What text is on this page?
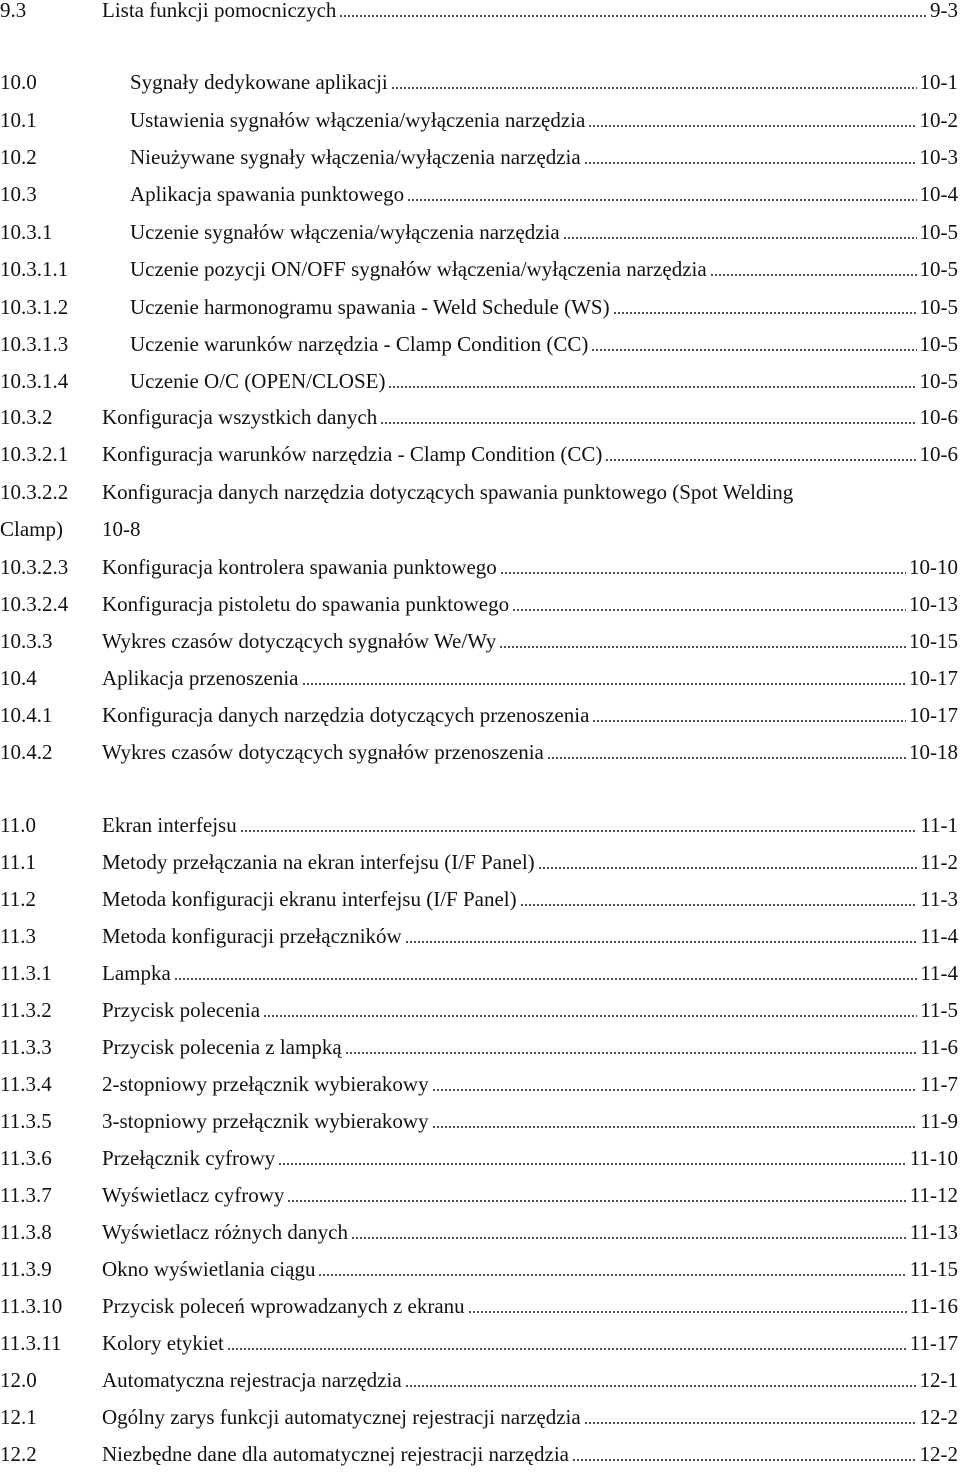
9.3	Lista funkcji pomocniczych	9-3
10.0	Sygnały dedykowane aplikacji	10-1
10.1	Ustawienia sygnałów włączenia/wyłączenia narzędzia	10-2
10.2	Nieużywane sygnały włączenia/wyłączenia narzędzia	10-3
10.3	Aplikacja spawania punktowego	10-4
10.3.1	Uczenie sygnałów włączenia/wyłączenia narzędzia	10-5
10.3.1.1	Uczenie pozycji ON/OFF sygnałów włączenia/wyłączenia narzędzia	10-5
10.3.1.2	Uczenie harmonogramu spawania - Weld Schedule (WS)	10-5
10.3.1.3	Uczenie warunków narzędzia - Clamp Condition (CC)	10-5
10.3.1.4	Uczenie O/C (OPEN/CLOSE)	10-5
10.3.2	Konfiguracja wszystkich danych	10-6
10.3.2.1	Konfiguracja warunków narzędzia - Clamp Condition (CC)	10-6
10.3.2.2	Konfiguracja danych narzędzia dotyczących spawania punktowego (Spot Welding
Clamp) 10-8
10.3.2.3	Konfiguracja kontrolera spawania punktowego	10-10
10.3.2.4	Konfiguracja pistoletu do spawania punktowego	10-13
10.3.3	Wykres czasów dotyczących sygnałów We/Wy	10-15
10.4	Aplikacja przenoszenia	10-17
10.4.1	Konfiguracja danych narzędzia dotyczących przenoszenia	10-17
10.4.2	Wykres czasów dotyczących sygnałów przenoszenia	10-18
11.0	Ekran interfejsu	11-1
11.1	Metody przełączania na ekran interfejsu (I/F Panel)	11-2
11.2	Metoda konfiguracji ekranu interfejsu (I/F Panel)	11-3
11.3	Metoda konfiguracji przełączników	11-4
11.3.1	Lampka	11-4
11.3.2	Przycisk polecenia	11-5
11.3.3	Przycisk polecenia z lampką	11-6
11.3.4	2-stopniowy przełącznik wybierakowy	11-7
11.3.5	3-stopniowy przełącznik wybierakowy	11-9
11.3.6	Przełącznik cyfrowy	11-10
11.3.7	Wyświetlacz cyfrowy	11-12
11.3.8	Wyświetlacz różnych danych	11-13
11.3.9	Okno wyświetlania ciągu	11-15
11.3.10	Przycisk poleceń wprowadzanych z ekranu	11-16
11.3.11	Kolory etykiet	11-17
12.0	Automatyczna rejestracja narzędzia	12-1
12.1	Ogólny zarys funkcji automatycznej rejestracji narzędzia	12-2
12.2	Niezbędne dane dla automatycznej rejestracji narzędzia	12-2
